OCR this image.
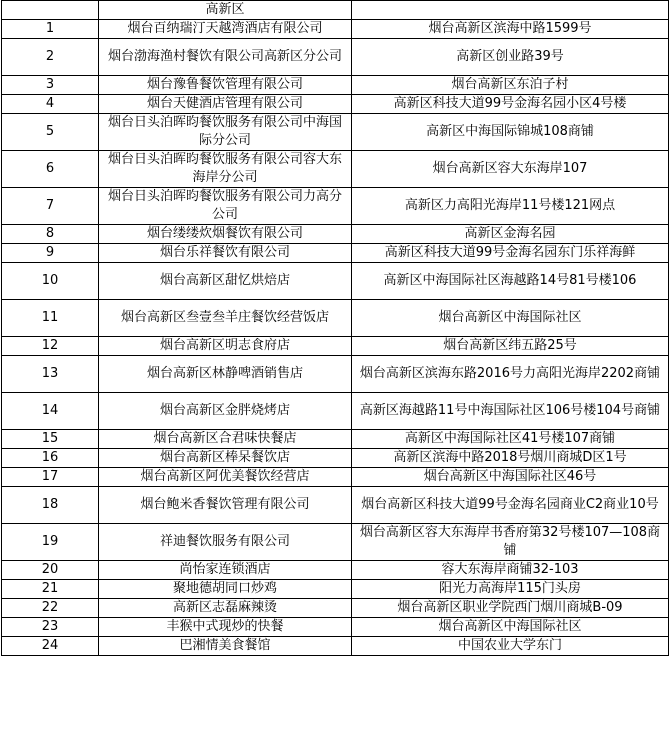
	高新区	
1	烟台百纳瑞汀天越湾酒店有限公司	烟台高新区滨海中路1599号
2	烟台渤海渔村餐饮有限公司高新区分公司	高新区创业路39号
3	烟台豫鲁餐饮管理有限公司	烟台高新区东泊子村
4	烟台天健酒店管理有限公司	高新区科技大道99号金海名园小区4号楼
5	烟台日头泊晖昀餐饮服务有限公司中海国际分公司	高新区中海国际锦城108商铺
6	烟台日头泊晖昀餐饮服务有限公司容大东海岸分公司	烟台高新区容大东海岸107
7	烟台日头泊晖昀餐饮服务有限公司力高分公司	高新区力高阳光海岸11号楼121网点
8	烟台缕缕炊烟餐饮有限公司	高新区金海名园
9	烟台乐祥餐饮有限公司	高新区科技大道99号金海名园东门乐祥海鲜
10	烟台高新区甜忆烘焙店	高新区中海国际社区海越路14号81号楼106
11	烟台高新区叁壹叁羊庄餐饮经营饭店	烟台高新区中海国际社区
12	烟台高新区明志食府店	烟台高新区纬五路25号
13	烟台高新区林静啤酒销售店	烟台高新区滨海东路2016号力高阳光海岸2202商铺
14	烟台高新区金胖烧烤店	高新区海越路11号中海国际社区106号楼104号商铺
15	烟台高新区合君味快餐店	高新区中海国际社区41号楼107商铺
16	烟台高新区棒呆餐饮店	高新区滨海中路2018号烟川商城D区1号
17	烟台高新区阿优美餐饮经营店	烟台高新区中海国际社区46号
18	烟台鲍米香餐饮管理有限公司	烟台高新区科技大道99号金海名园商业C2商业10号
19	祥迪餐饮服务有限公司	烟台高新区容大东海岸书香府第32号楼107—108商铺
20	尚怡家连锁酒店	容大东海岸商铺32-103
21	聚地德胡同口炒鸡	阳光力高海岸115门头房
22	高新区志磊麻辣烫	烟台高新区职业学院西门烟川商城B-09
23	丰猴中式现炒的快餐	烟台高新区中海国际社区
24	巴湘情美食餐馆	中国农业大学东门
